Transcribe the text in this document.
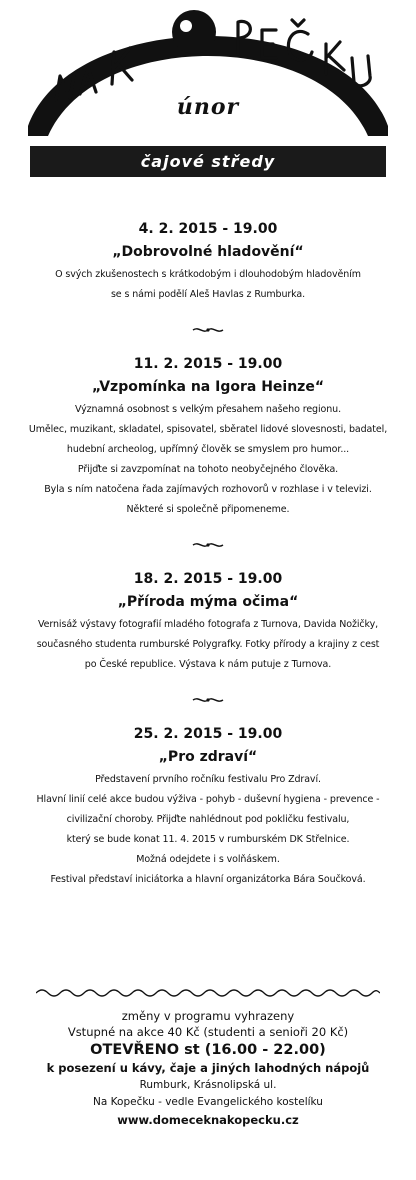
únor
čajové středy
4. 2. 2015 - 19.00
„Dobrovolné hladovění“
O svých zkušenostech s krátkodobým i dlouhodobým hladověním
se s námi podělí Aleš Havlas z Rumburka.
11. 2. 2015 - 19.00
„Vzpomínka na Igora Heinze“
Významná osobnost s velkým přesahem našeho regionu.
Umělec, muzikant, skladatel, spisovatel, sběratel lidové slovesnosti, badatel,
hudební archeolog, upřímný člověk se smyslem pro humor...
Přijďte si zavzpomínat na tohoto neobyčejného člověka.
Byla s ním natočena řada zajímavých rozhovorů v rozhlase i v televizi.
Některé si společně připomeneme.
18. 2. 2015 - 19.00
„Příroda mýma očima“
Vernisáž výstavy fotografií mladého fotografa z Turnova, Davida Nožičky,
současného studenta rumburské Polygrafky. Fotky přírody a krajiny z cest
po České republice. Výstava k nám putuje z Turnova.
25. 2. 2015 - 19.00
„Pro zdraví“
Představení prvního ročníku festivalu Pro Zdraví.
Hlavní linií celé akce budou výživa - pohyb - duševní hygiena - prevence -
civilizační choroby. Přijďte nahlédnout pod pokličku festivalu,
který se bude konat 11. 4. 2015 v rumburském DK Střelnice.
Možná odejdete i s volňáskem.
Festival představí iniciátorka a hlavní organizátorka Bára Součková.
změny v programu vyhrazeny
Vstupné na akce 40 Kč (studenti a senioři 20 Kč)
OTEVŘENO st (16.00 - 22.00)
k posezení u kávy, čaje a jiných lahodných nápojů
Rumburk, Krásnolipská ul.
Na Kopečku - vedle Evangelického kostelíku
www.domeceknakopecku.cz
